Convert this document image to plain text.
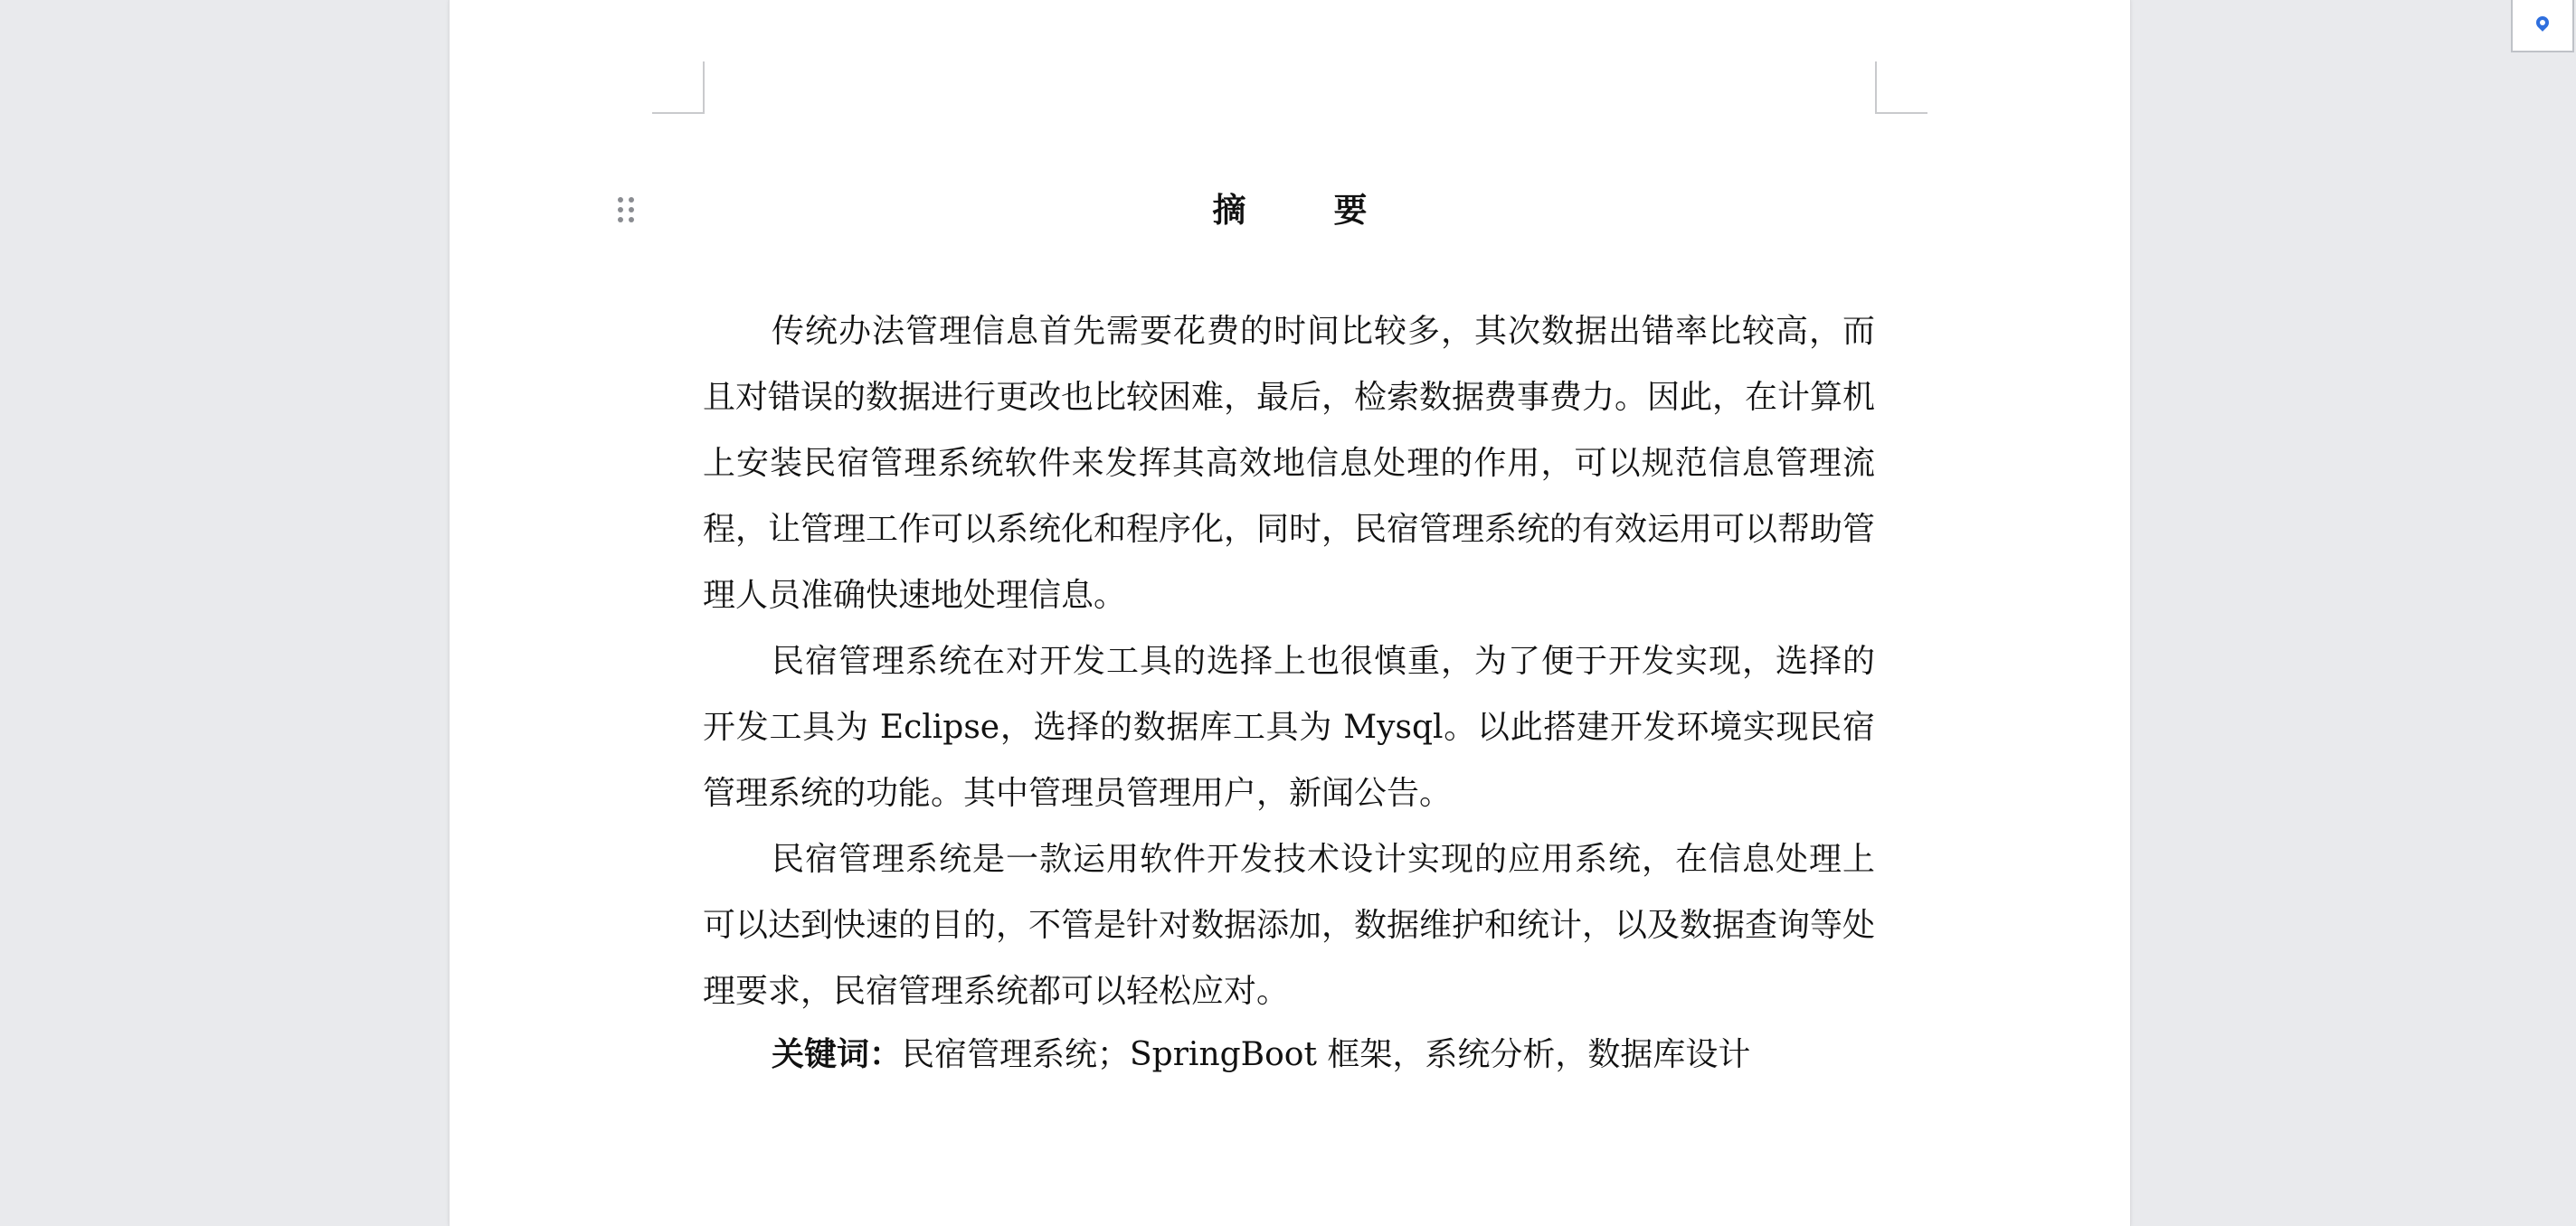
摘　要

传统办法管理信息首先需要花费的时间比较多，其次数据出错率比较高，而且对错误的数据进行更改也比较困难，最后，检索数据费事费力。因此，在计算机上安装民宿管理系统软件来发挥其高效地信息处理的作用，可以规范信息管理流程，让管理工作可以系统化和程序化，同时，民宿管理系统的有效运用可以帮助管理人员准确快速地处理信息。

民宿管理系统在对开发工具的选择上也很慎重，为了便于开发实现，选择的开发工具为 Eclipse，选择的数据库工具为 Mysql。以此搭建开发环境实现民宿管理系统的功能。其中管理员管理用户，新闻公告。

民宿管理系统是一款运用软件开发技术设计实现的应用系统，在信息处理上可以达到快速的目的，不管是针对数据添加，数据维护和统计，以及数据查询等处理要求，民宿管理系统都可以轻松应对。

关键词：民宿管理系统；SpringBoot 框架，系统分析，数据库设计
